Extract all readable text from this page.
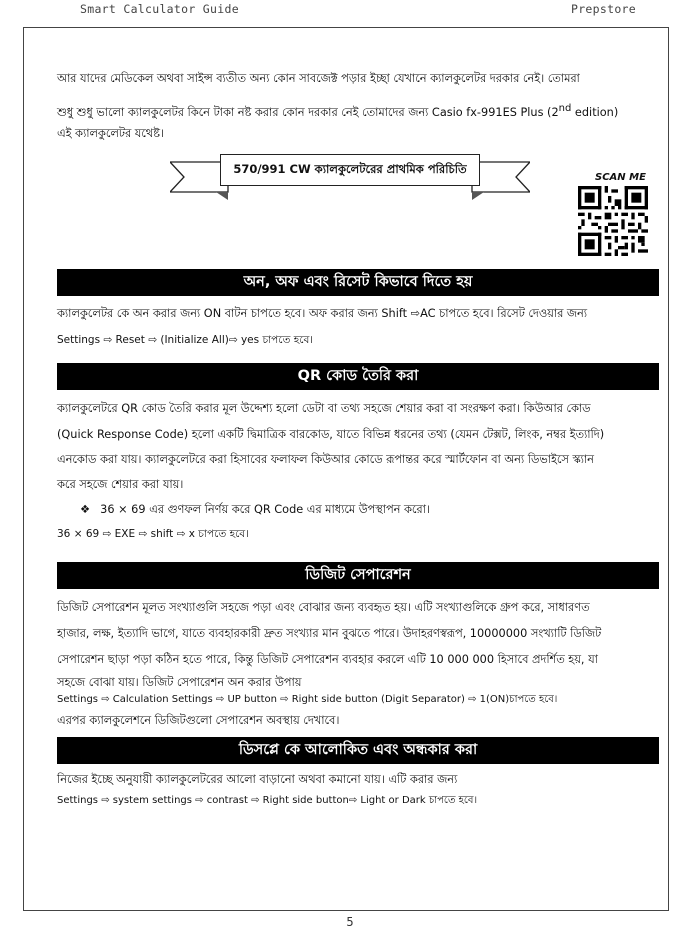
Smart Calculator Guide	Prepstore

আর যাদের মেডিকেল অথবা সাইন্স ব্যতীত অন্য কোন সাবজেক্ট পড়ার ইচ্ছা যেখানে ক্যালকুলেটর দরকার নেই। তোমরা

শুধু শুধু ভালো ক্যালকুলেটর কিনে টাকা নষ্ট করার কোন দরকার নেই তোমাদের জন্য Casio fx-991ES Plus (2nd edition)

এই ক্যালকুলেটর যথেষ্ট।

570/991 CW ক্যালকুলেটরের প্রাথমিক পরিচিতি
SCAN ME
অন, অফ এবং রিসেট কিভাবে দিতে হয়

ক্যালকুলেটর কে অন করার জন্য ON বাটন চাপতে হবে। অফ করার জন্য Shift ⇨AC চাপতে হবে। রিসেট দেওয়ার জন্য

Settings ⇨ Reset ⇨ (Initialize All)⇨ yes চাপতে হবে।

QR কোড তৈরি করা

ক্যালকুলেটরে QR কোড তৈরি করার মূল উদ্দেশ্য হলো ডেটা বা তথ্য সহজে শেয়ার করা বা সংরক্ষণ করা। কিউআর কোড

(Quick Response Code) হলো একটি দ্বিমাত্রিক বারকোড, যাতে বিভিন্ন ধরনের তথ্য (যেমন টেক্সট, লিংক, নম্বর ইত্যাদি)

এনকোড করা যায়। ক্যালকুলেটরে করা হিসাবের ফলাফল কিউআর কোডে রূপান্তর করে স্মার্টফোন বা অন্য ডিভাইসে স্ক্যান

করে সহজে শেয়ার করা যায়।

❖ 36 × 69 এর গুণফল নির্ণয় করে QR Code এর মাধ্যমে উপস্থাপন করো।

36 × 69 ⇨ EXE ⇨ shift ⇨ x চাপতে হবে।

ডিজিট সেপারেশন

ডিজিট সেপারেশন মূলত সংখ্যাগুলি সহজে পড়া এবং বোঝার জন্য ব্যবহৃত হয়। এটি সংখ্যাগুলিকে গ্রুপ করে, সাধারণত

হাজার, লক্ষ, ইত্যাদি ভাগে, যাতে ব্যবহারকারী দ্রুত সংখ্যার মান বুঝতে পারে। উদাহরণস্বরূপ, 10000000 সংখ্যাটি ডিজিট

সেপারেশন ছাড়া পড়া কঠিন হতে পারে, কিন্তু ডিজিট সেপারেশন ব্যবহার করলে এটি 10 000 000 হিসাবে প্রদর্শিত হয়, যা

সহজে বোঝা যায়। ডিজিট সেপারেশন অন করার উপায়

Settings ⇨ Calculation Settings ⇨ UP button ⇨ Right side button (Digit Separator) ⇨ 1(ON)চাপতে হবে।

এরপর ক্যালকুলেশনে ডিজিটগুলো সেপারেশন অবস্থায় দেখাবে।

ডিসপ্লে কে আলোকিত এবং অন্ধকার করা

নিজের ইচ্ছে অনুযায়ী ক্যালকুলেটরের আলো বাড়ানো অথবা কমানো যায়। এটি করার জন্য

Settings ⇨ system settings ⇨ contrast ⇨ Right side button⇨ Light or Dark চাপতে হবে।

5
